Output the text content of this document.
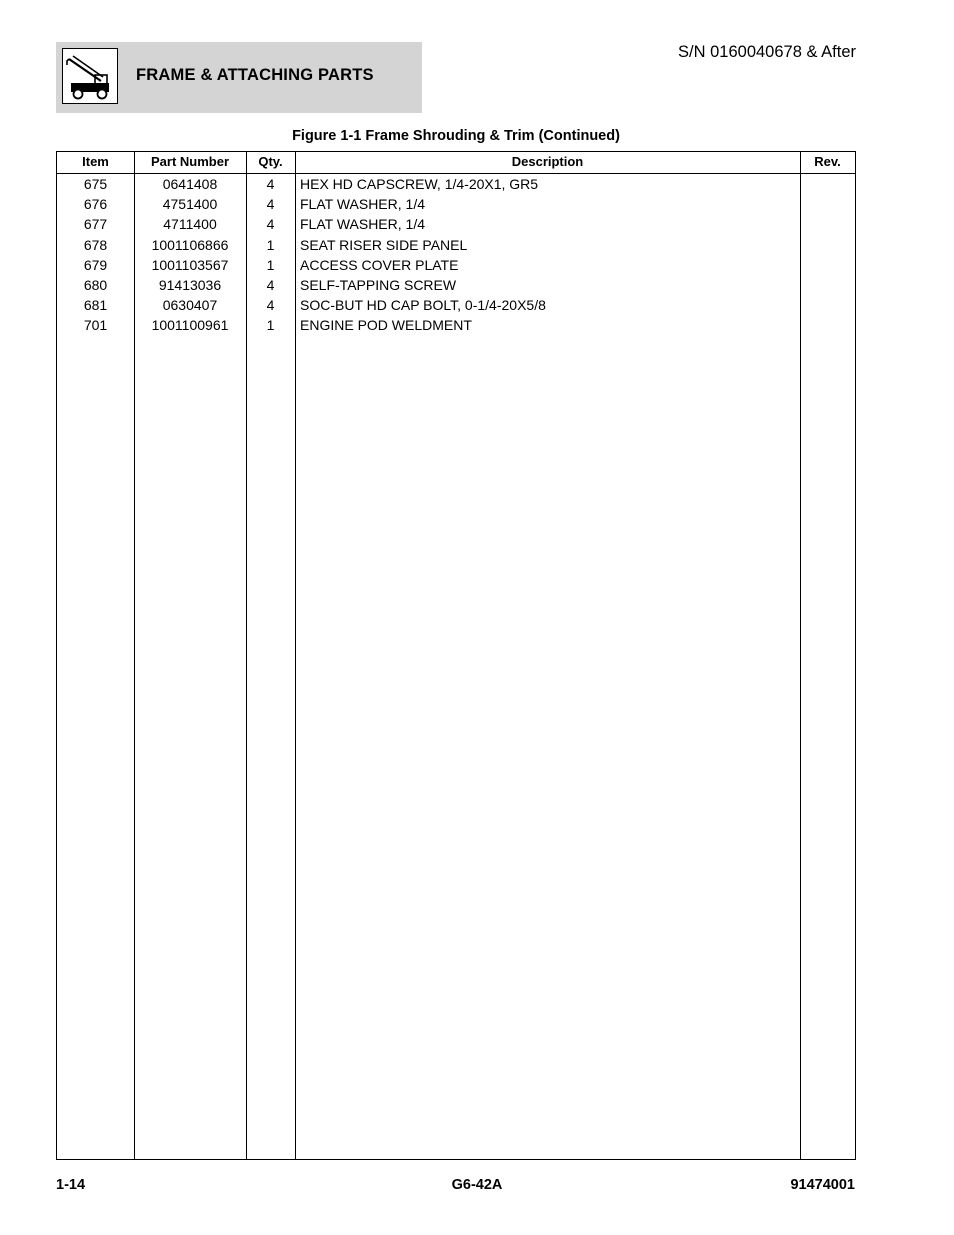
FRAME & ATTACHING PARTS
S/N 0160040678 & After
Figure 1-1 Frame Shrouding & Trim (Continued)
Item	Part Number	Qty.	Description	Rev.
675	0641408	4	HEX HD CAPSCREW, 1/4-20X1, GR5
676	4751400	4	FLAT WASHER, 1/4
677	4711400	4	FLAT WASHER, 1/4
678	1001106866	1	SEAT RISER SIDE PANEL
679	1001103567	1	ACCESS COVER PLATE
680	91413036	4	SELF-TAPPING SCREW
681	0630407	4	SOC-BUT HD CAP BOLT, 0-1/4-20X5/8
701	1001100961	1	ENGINE POD WELDMENT
1-14	G6-42A	91474001
